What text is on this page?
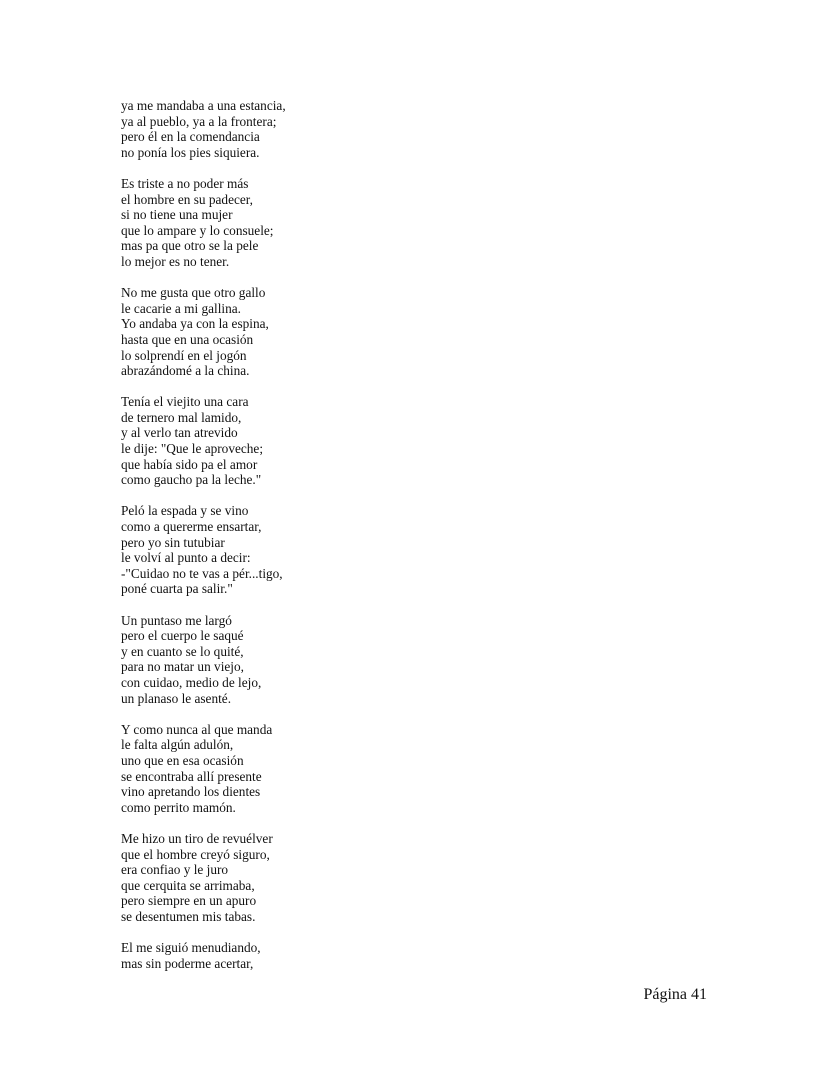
ya me mandaba a una estancia,
ya al pueblo, ya a la frontera;
pero él en la comendancia
no ponía los pies siquiera.
Es triste a no poder más
el hombre en su padecer,
si no tiene una mujer
que lo ampare y lo consuele;
mas pa que otro se la pele
lo mejor es no tener.
No me gusta que otro gallo
le cacarie a mi gallina.
Yo andaba ya con la espina,
hasta que en una ocasión
lo solprendí en el jogón
abrazándomé a la china.
Tenía el viejito una cara
de ternero mal lamido,
y al verlo tan atrevido
le dije: "Que le aproveche;
que había sido pa el amor
como gaucho pa la leche."
Peló la espada y se vino
como a quererme ensartar,
pero yo sin tutubiar
le volví al punto a decir:
-"Cuidao no te vas a pér...tigo,
poné cuarta pa salir."
Un puntaso me largó
pero el cuerpo le saqué
y en cuanto se lo quité,
para no matar un viejo,
con cuidao, medio de lejo,
un planaso le asenté.
Y como nunca al que manda
le falta algún adulón,
uno que en esa ocasión
se encontraba allí presente
vino apretando los dientes
como perrito mamón.
Me hizo un tiro de revuélver
que el hombre creyó siguro,
era confiao y le juro
que cerquita se arrimaba,
pero siempre en un apuro
se desentumen mis tabas.
El me siguió menudiando,
mas sin poderme acertar,
Página 41
